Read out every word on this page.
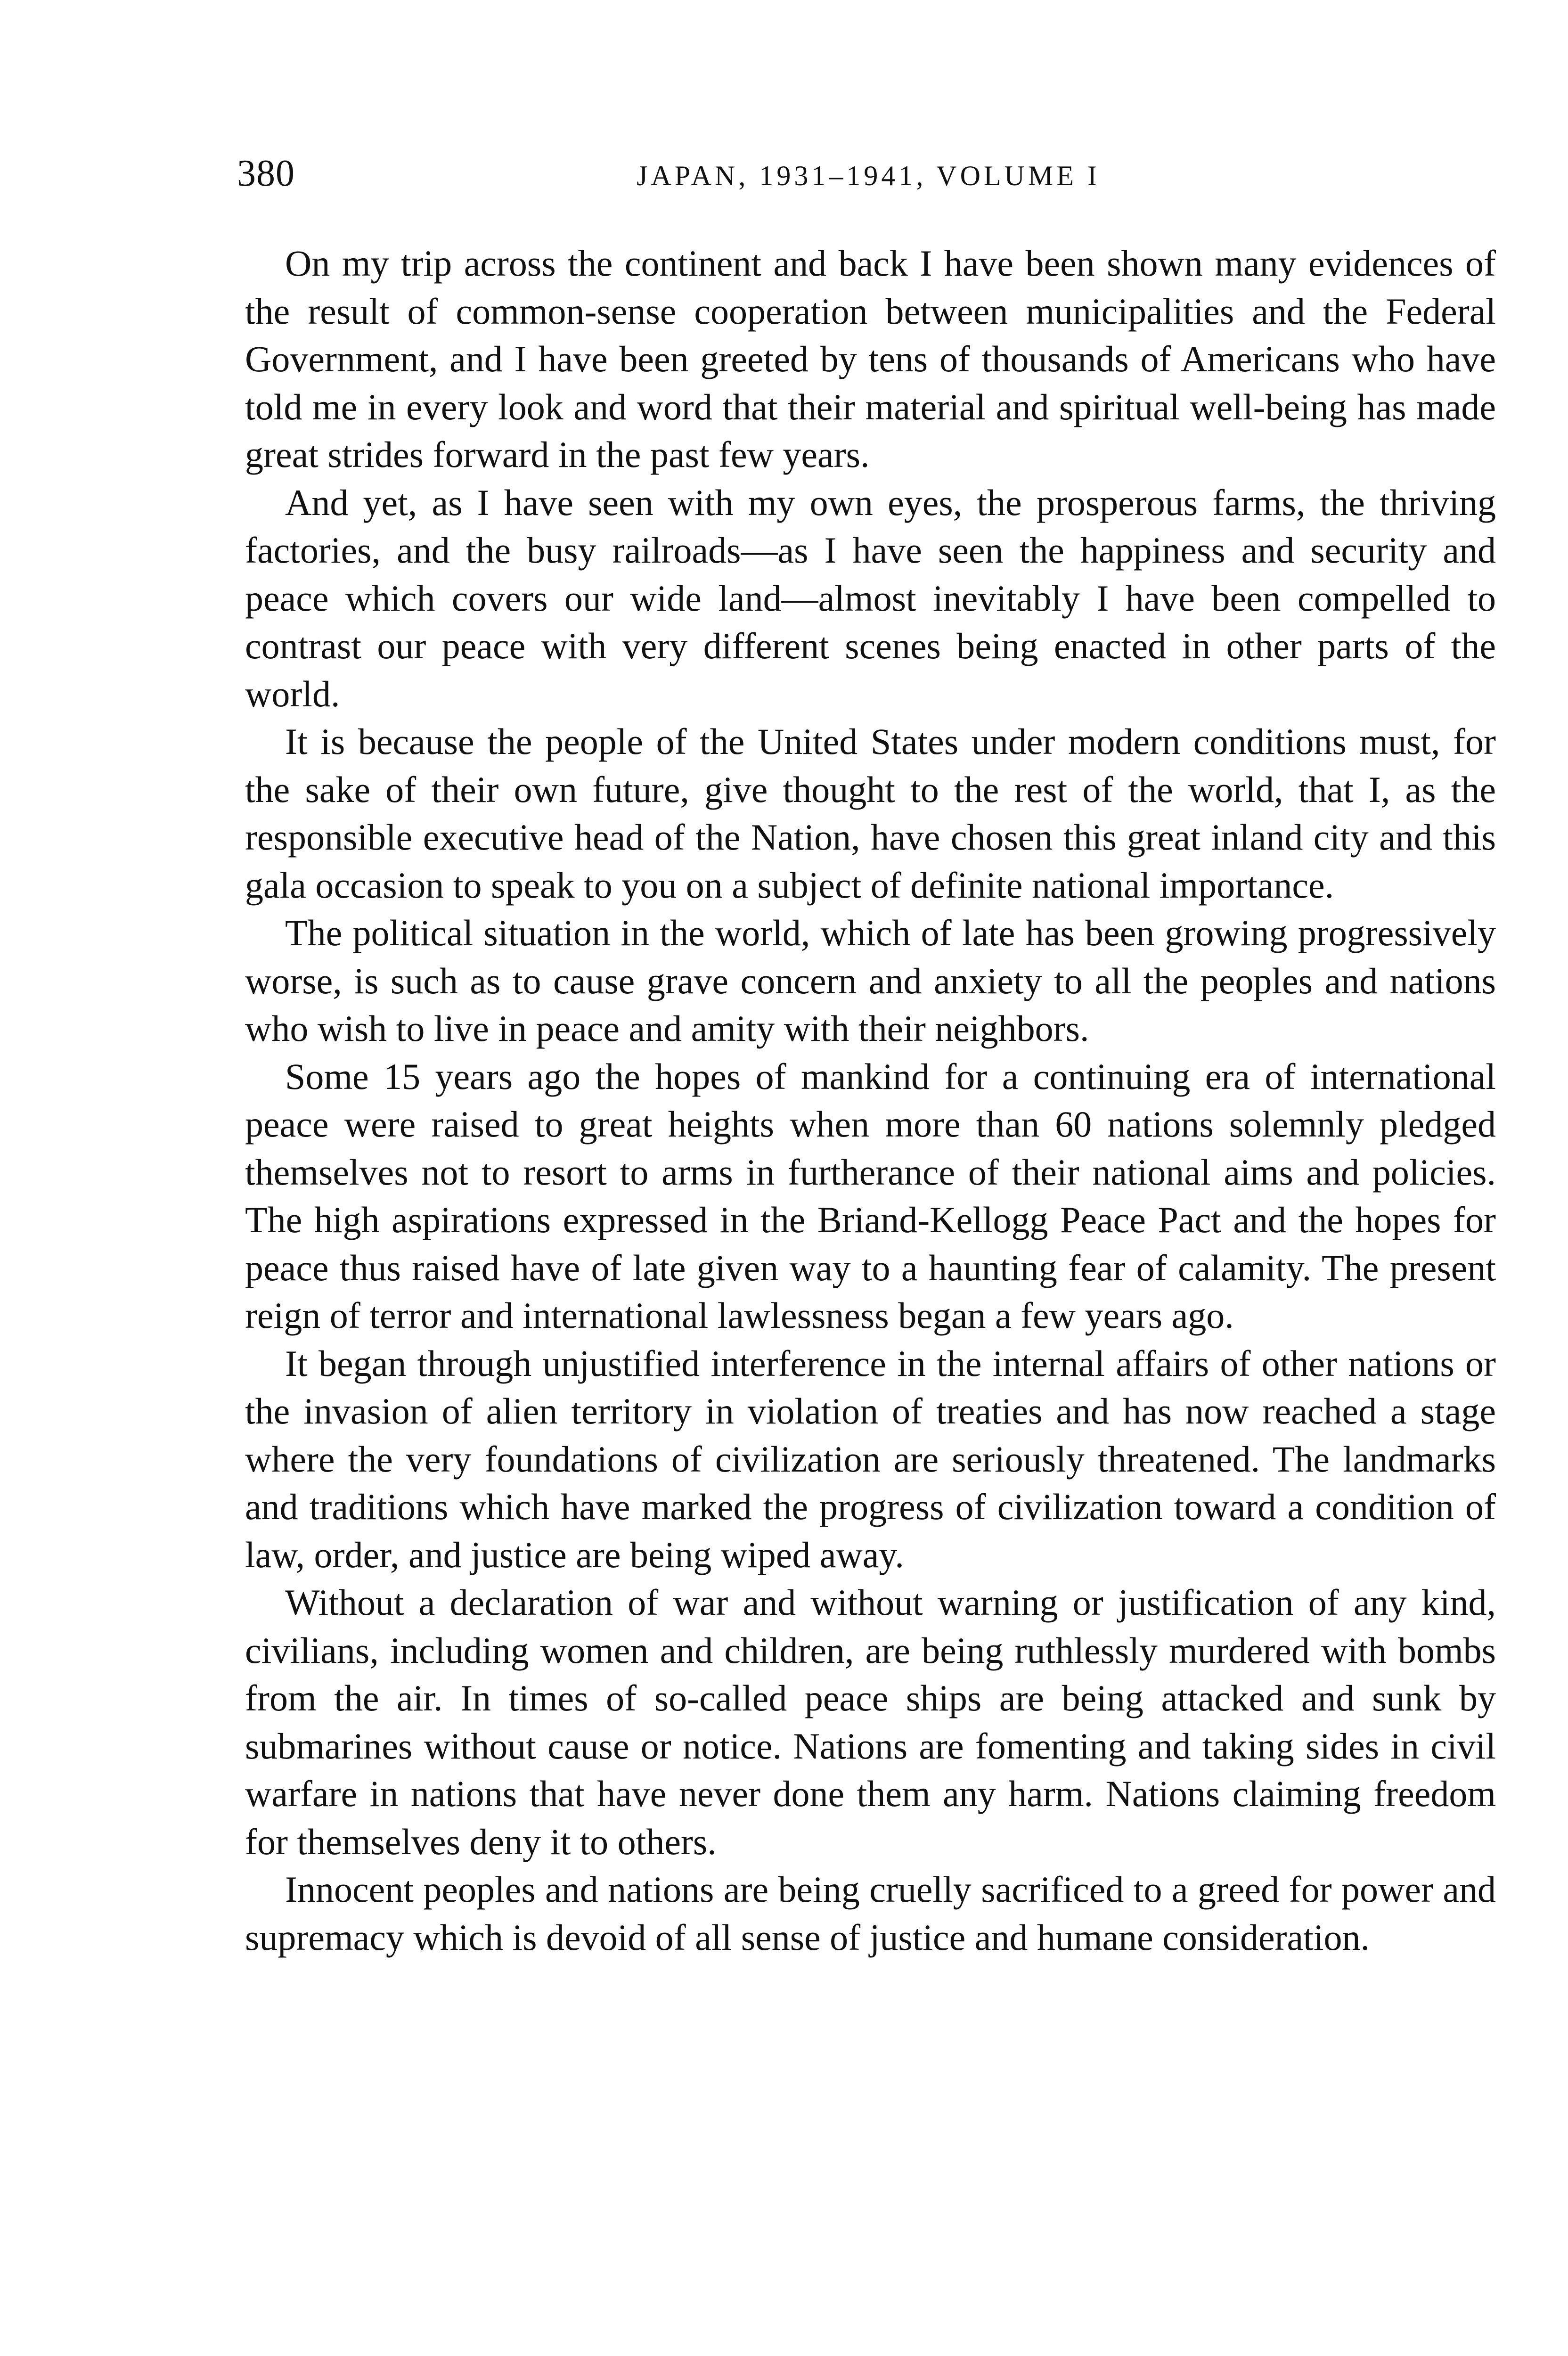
380	JAPAN, 1931–1941, VOLUME I

On my trip across the continent and back I have been shown many evidences of the result of common-sense cooperation between municipalities and the Federal Government, and I have been greeted by tens of thousands of Americans who have told me in every look and word that their material and spiritual well-being has made great strides forward in the past few years.

And yet, as I have seen with my own eyes, the prosperous farms, the thriving factories, and the busy railroads—as I have seen the happiness and security and peace which covers our wide land—almost inevitably I have been compelled to contrast our peace with very different scenes being enacted in other parts of the world.

It is because the people of the United States under modern conditions must, for the sake of their own future, give thought to the rest of the world, that I, as the responsible executive head of the Nation, have chosen this great inland city and this gala occasion to speak to you on a subject of definite national importance.

The political situation in the world, which of late has been growing progressively worse, is such as to cause grave concern and anxiety to all the peoples and nations who wish to live in peace and amity with their neighbors.

Some 15 years ago the hopes of mankind for a continuing era of international peace were raised to great heights when more than 60 nations solemnly pledged themselves not to resort to arms in furtherance of their national aims and policies. The high aspirations expressed in the Briand-Kellogg Peace Pact and the hopes for peace thus raised have of late given way to a haunting fear of calamity. The present reign of terror and international lawlessness began a few years ago.

It began through unjustified interference in the internal affairs of other nations or the invasion of alien territory in violation of treaties and has now reached a stage where the very foundations of civilization are seriously threatened. The landmarks and traditions which have marked the progress of civilization toward a condition of law, order, and justice are being wiped away.

Without a declaration of war and without warning or justification of any kind, civilians, including women and children, are being ruthlessly murdered with bombs from the air. In times of so-called peace ships are being attacked and sunk by submarines without cause or notice. Nations are fomenting and taking sides in civil warfare in nations that have never done them any harm. Nations claiming freedom for themselves deny it to others.

Innocent peoples and nations are being cruelly sacrificed to a greed for power and supremacy which is devoid of all sense of justice and humane consideration.
